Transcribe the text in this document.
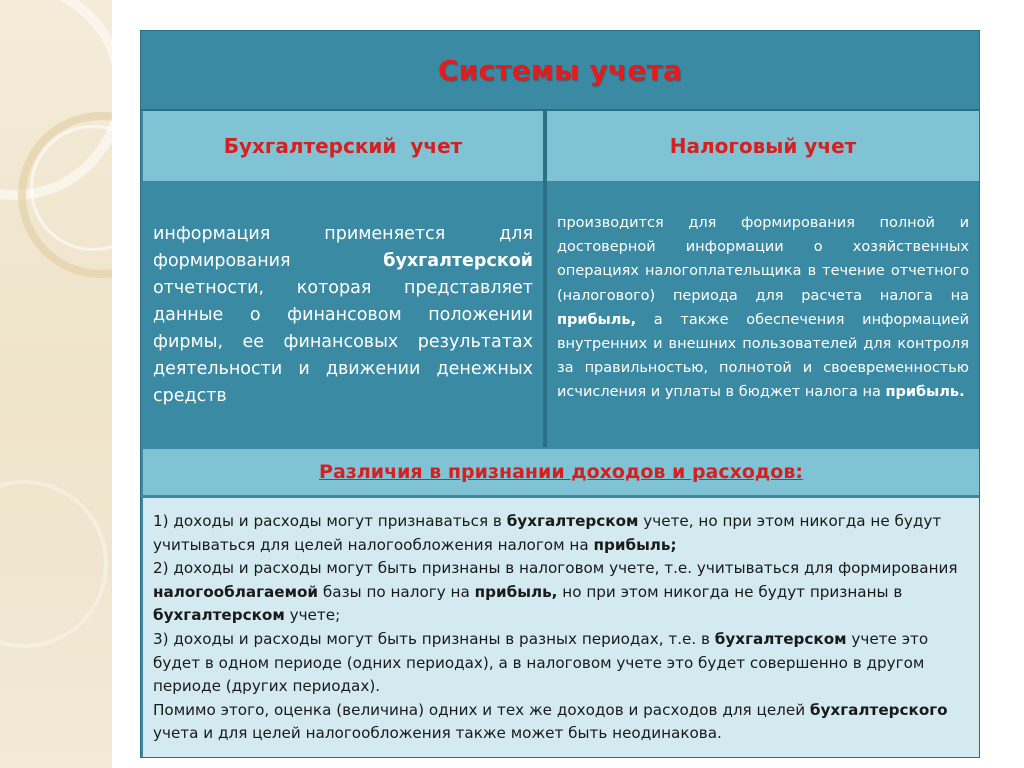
Системы учета
Бухгалтерский  учет	Налоговый учет
информация применяется для формирования бухгалтерской отчетности, которая представляет данные о финансовом положении фирмы, ее финансовых результатах деятельности и движении денежных средств
производится для формирования полной и достоверной информации о хозяйственных операциях налогоплательщика в течение отчетного (налогового) периода для расчета налога на прибыль, а также обеспечения информацией внутренних и внешних пользователей для контроля за правильностью, полнотой и своевременностью исчисления и уплаты в бюджет налога на прибыль.
Различия в признании доходов и расходов:

1) доходы и расходы могут признаваться в бухгалтерском учете, но при этом никогда не будут учитываться для целей налогообложения налогом на прибыль;

2) доходы и расходы могут быть признаны в налоговом учете, т.е. учитываться для формирования налогооблагаемой базы по налогу на прибыль, но при этом никогда не будут признаны в бухгалтерском учете;

3) доходы и расходы могут быть признаны в разных периодах, т.е. в бухгалтерском учете это будет в одном периоде (одних периодах), а в налоговом учете это будет совершенно в другом периоде (других периодах).

Помимо этого, оценка (величина) одних и тех же доходов и расходов для целей бухгалтерского учета и для целей налогообложения также может быть неодинакова.
